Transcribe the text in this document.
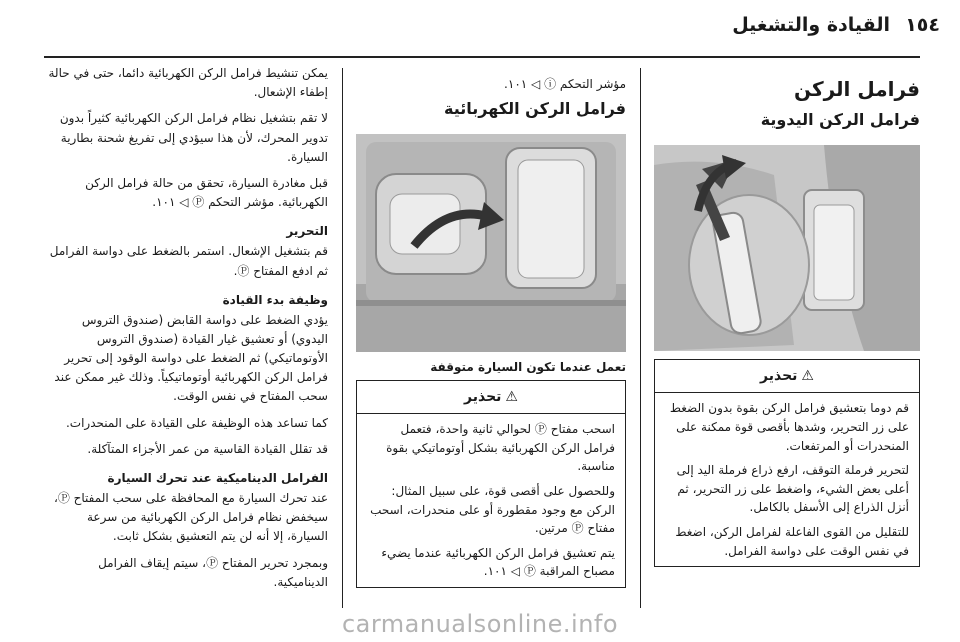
القيادة والتشغيل ١٥٤
فرامل الركن
فرامل الركن اليدوية
⚠تحذير

قم دوما بتعشيق فرامل الركن بقوة بدون الضغط على زر التحرير، وشدها بأقصى قوة ممكنة على المنحدرات أو المرتفعات.

لتحرير فرملة التوقف، ارفع ذراع فرملة اليد إلى أعلى بعض الشيء، واضغط على زر التحرير، ثم أنزل الذراع إلى الأسفل بالكامل.

للتقليل من القوى الفاعلة لفرامل الركن، اضغط في نفس الوقت على دواسة الفرامل.

مؤشر التحكم ⓘ ◁ ١٠١.
فرامل الركن الكهربائية
تعمل عندما تكون السيارة متوقفة
⚠تحذير

اسحب مفتاح Ⓟ لحوالي ثانية واحدة، فتعمل فرامل الركن الكهربائية بشكل أوتوماتيكي بقوة مناسبة.

وللحصول على أقصى قوة، على سبيل المثال: الركن مع وجود مقطورة أو على منحدرات، اسحب مفتاح Ⓟ مرتين.

يتم تعشيق فرامل الركن الكهربائية عندما يضيء مصباح المراقبة Ⓟ ◁ ١٠١.

يمكن تنشيط فرامل الركن الكهربائية دائما، حتى في حالة إطفاء الإشعال.

لا تقم بتشغيل نظام فرامل الركن الكهربائية كثيراً بدون تدوير المحرك، لأن هذا سيؤدي إلى تفريغ شحنة بطارية السيارة.

قبل مغادرة السيارة، تحقق من حالة فرامل الركن الكهربائية. مؤشر التحكم Ⓟ ◁ ١٠١.

التحرير

قم بتشغيل الإشعال. استمر بالضغط على دواسة الفرامل ثم ادفع المفتاح Ⓟ.

وظيفة بدء القيادة

يؤدي الضغط على دواسة القابض (صندوق التروس اليدوي) أو تعشيق غيار القيادة (صندوق التروس الأوتوماتيكي) ثم الضغط على دواسة الوقود إلى تحرير فرامل الركن الكهربائية أوتوماتيكياً. وذلك غير ممكن عند سحب المفتاح في نفس الوقت.

كما تساعد هذه الوظيفة على القيادة على المنحدرات.

قد تقلل القيادة القاسية من عمر الأجزاء المتآكلة.

الفرامل الديناميكية عند تحرك السيارة

عند تحرك السيارة مع المحافظة على سحب المفتاح Ⓟ، سيخفض نظام فرامل الركن الكهربائية من سرعة السيارة، إلا أنه لن يتم التعشيق بشكل ثابت.

وبمجرد تحرير المفتاح Ⓟ، سيتم إيقاف الفرامل الديناميكية.

carmanualsonline.info
